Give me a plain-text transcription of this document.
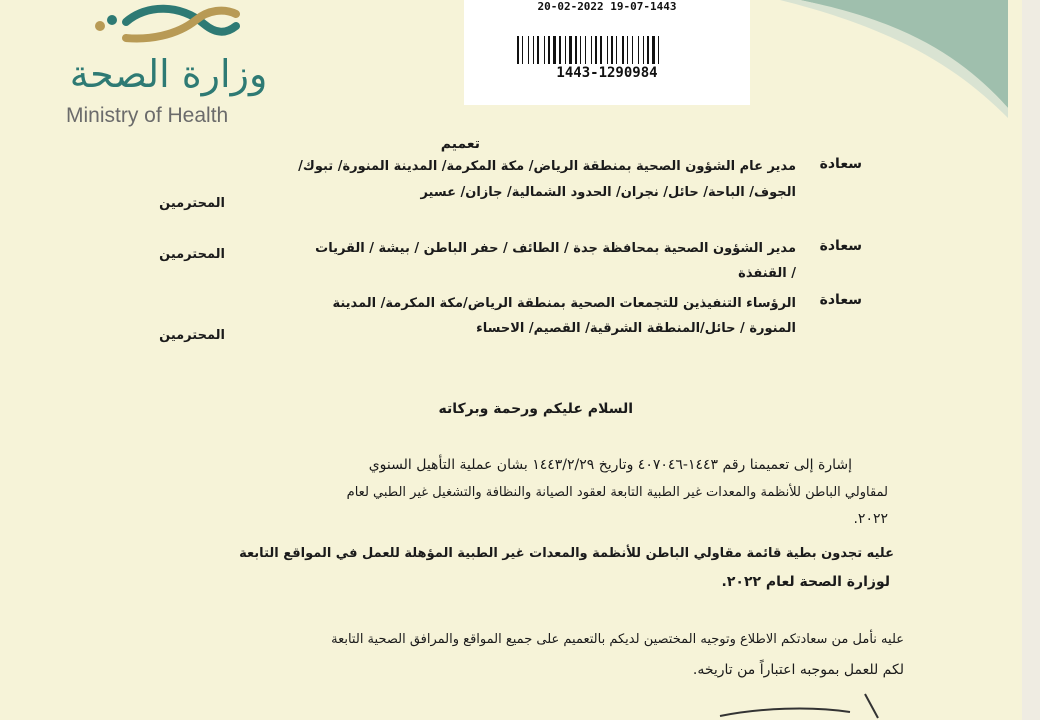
وزارة الصحة
Ministry of Health
20-02-2022 19-07-1443
1443-1290984
تعميم
سعادة
مدير عام الشؤون الصحية بمنطقة الرياض/ مكة المكرمة/ المدينة المنورة/ تبوك/
الجوف/ الباحة/ حائل/ نجران/ الحدود الشمالية/ جازان/ عسير
المحترمين
سعادة
مدير الشؤون الصحية بمحافظة جدة / الطائف / حفر الباطن / بيشة / القريات
/ القنفذة
المحترمين
سعادة
الرؤساء التنفيذين للتجمعات الصحية بمنطقة الرياض/مكة المكرمة/ المدينة
المنورة / حائل/المنطقة الشرقية/ القصيم/ الاحساء
المحترمين
السلام عليكم ورحمة وبركاته
إشارة إلى تعميمنا رقم ١٤٤٣-٤٠٧٠٤٦ وتاريخ ١٤٤٣/٢/٢٩ بشان عملية التأهيل السنوي
لمقاولي الباطن للأنظمة والمعدات غير الطبية التابعة لعقود الصيانة والنظافة والتشغيل غير الطبي لعام
٢٠٢٢.
عليه تجدون بطية قائمة مقاولي الباطن للأنظمة والمعدات غير الطبية المؤهلة للعمل في المواقع التابعة
لوزارة الصحة لعام ٢٠٢٢.
عليه نأمل من سعادتكم الاطلاع وتوجيه المختصين لديكم بالتعميم على جميع المواقع والمرافق الصحية التابعة
لكم للعمل بموجبه اعتباراً من تاريخه.
